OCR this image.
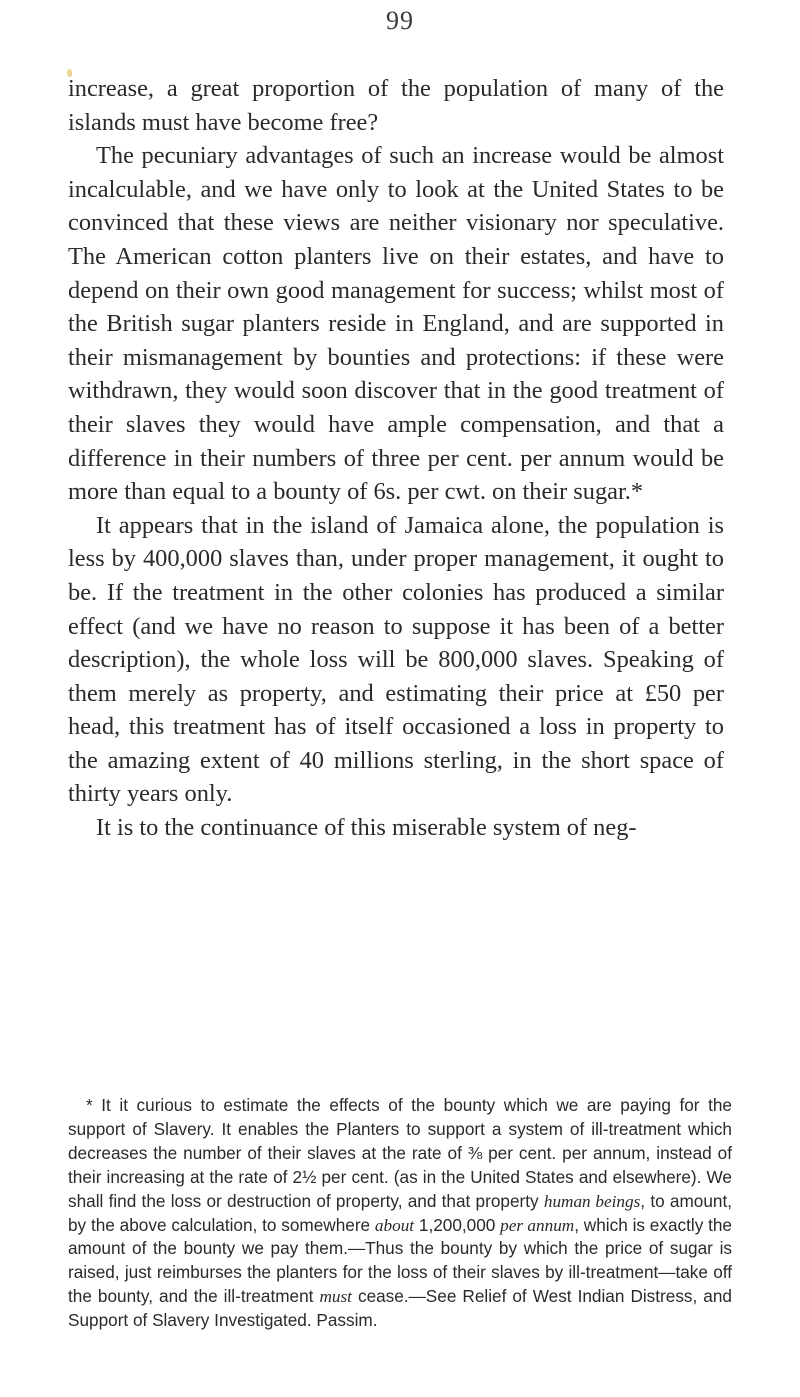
99

increase, a great proportion of the population of many of the islands must have become free?

The pecuniary advantages of such an increase would be almost incalculable, and we have only to look at the United States to be convinced that these views are neither visionary nor speculative. The American cotton planters live on their estates, and have to depend on their own good management for success; whilst most of the British sugar planters reside in England, and are supported in their mismanagement by bounties and protections: if these were withdrawn, they would soon discover that in the good treatment of their slaves they would have ample compensation, and that a difference in their numbers of three per cent. per annum would be more than equal to a bounty of 6s. per cwt. on their sugar.*

It appears that in the island of Jamaica alone, the population is less by 400,000 slaves than, under proper management, it ought to be. If the treatment in the other colonies has produced a similar effect (and we have no reason to suppose it has been of a better description), the whole loss will be 800,000 slaves. Speaking of them merely as property, and estimating their price at £50 per head, this treatment has of itself occasioned a loss in property to the amazing extent of 40 millions sterling, in the short space of thirty years only.

It is to the continuance of this miserable system of neg-

* It it curious to estimate the effects of the bounty which we are paying for the support of Slavery. It enables the Planters to support a system of ill-treatment which decreases the number of their slaves at the rate of ⅜ per cent. per annum, instead of their increasing at the rate of 2½ per cent. (as in the United States and elsewhere). We shall find the loss or destruction of property, and that property human beings, to amount, by the above calculation, to somewhere about 1,200,000 per annum, which is exactly the amount of the bounty we pay them.—Thus the bounty by which the price of sugar is raised, just reimburses the planters for the loss of their slaves by ill-treatment—take off the bounty, and the ill-treatment must cease.—See Relief of West Indian Distress, and Support of Slavery Investigated. Passim.
